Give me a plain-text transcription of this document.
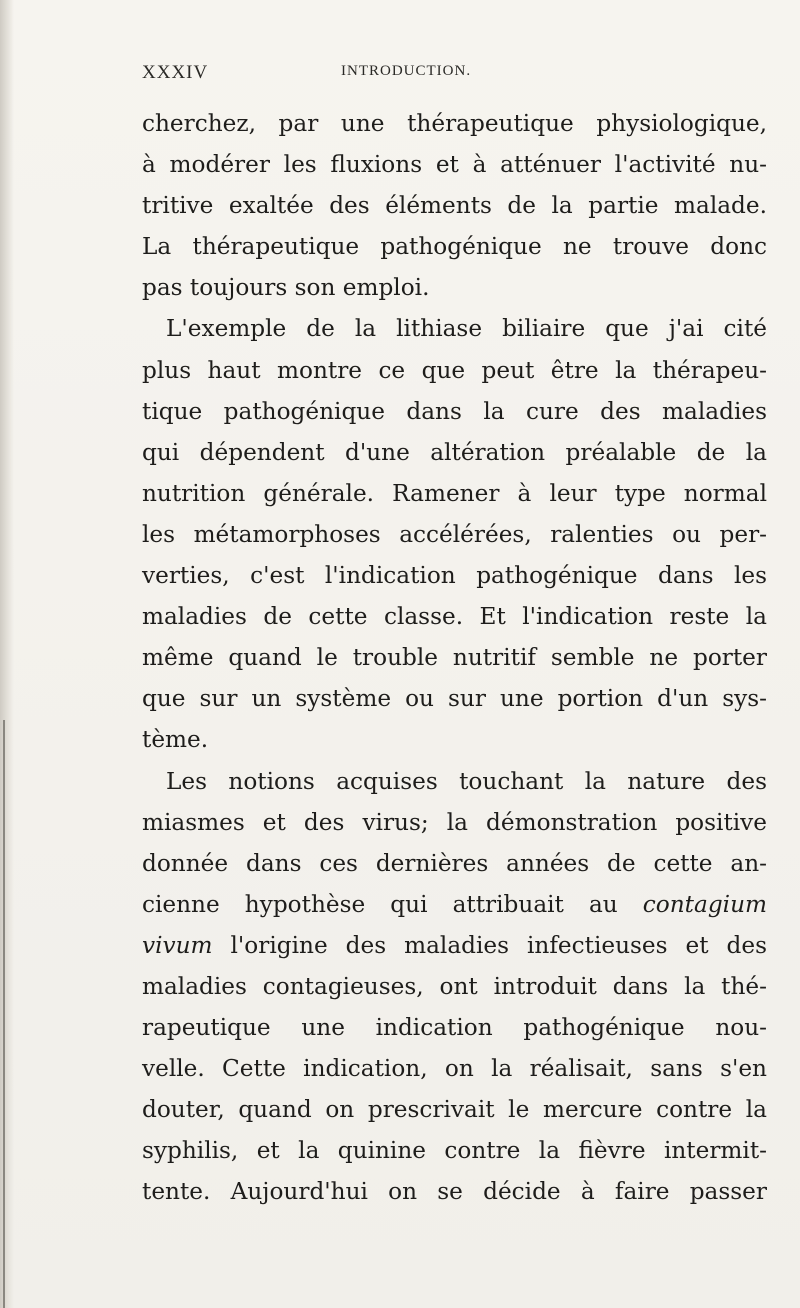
XXXIV	INTRODUCTION.
cherchez, par une thérapeutique physiologique,
à modérer les fluxions et à atténuer l'activité nu-
tritive exaltée des éléments de la partie malade.
La thérapeutique pathogénique ne trouve donc
pas toujours son emploi.
L'exemple de la lithiase biliaire que j'ai cité
plus haut montre ce que peut être la thérapeu-
tique pathogénique dans la cure des maladies
qui dépendent d'une altération préalable de la
nutrition générale. Ramener à leur type normal
les métamorphoses accélérées, ralenties ou per-
verties, c'est l'indication pathogénique dans les
maladies de cette classe. Et l'indication reste la
même quand le trouble nutritif semble ne porter
que sur un système ou sur une portion d'un sys-
tème.
Les notions acquises touchant la nature des
miasmes et des virus; la démonstration positive
donnée dans ces dernières années de cette an-
cienne hypothèse qui attribuait au contagium
vivum l'origine des maladies infectieuses et des
maladies contagieuses, ont introduit dans la thé-
rapeutique une indication pathogénique nou-
velle. Cette indication, on la réalisait, sans s'en
douter, quand on prescrivait le mercure contre la
syphilis, et la quinine contre la fièvre intermit-
tente. Aujourd'hui on se décide à faire passer
